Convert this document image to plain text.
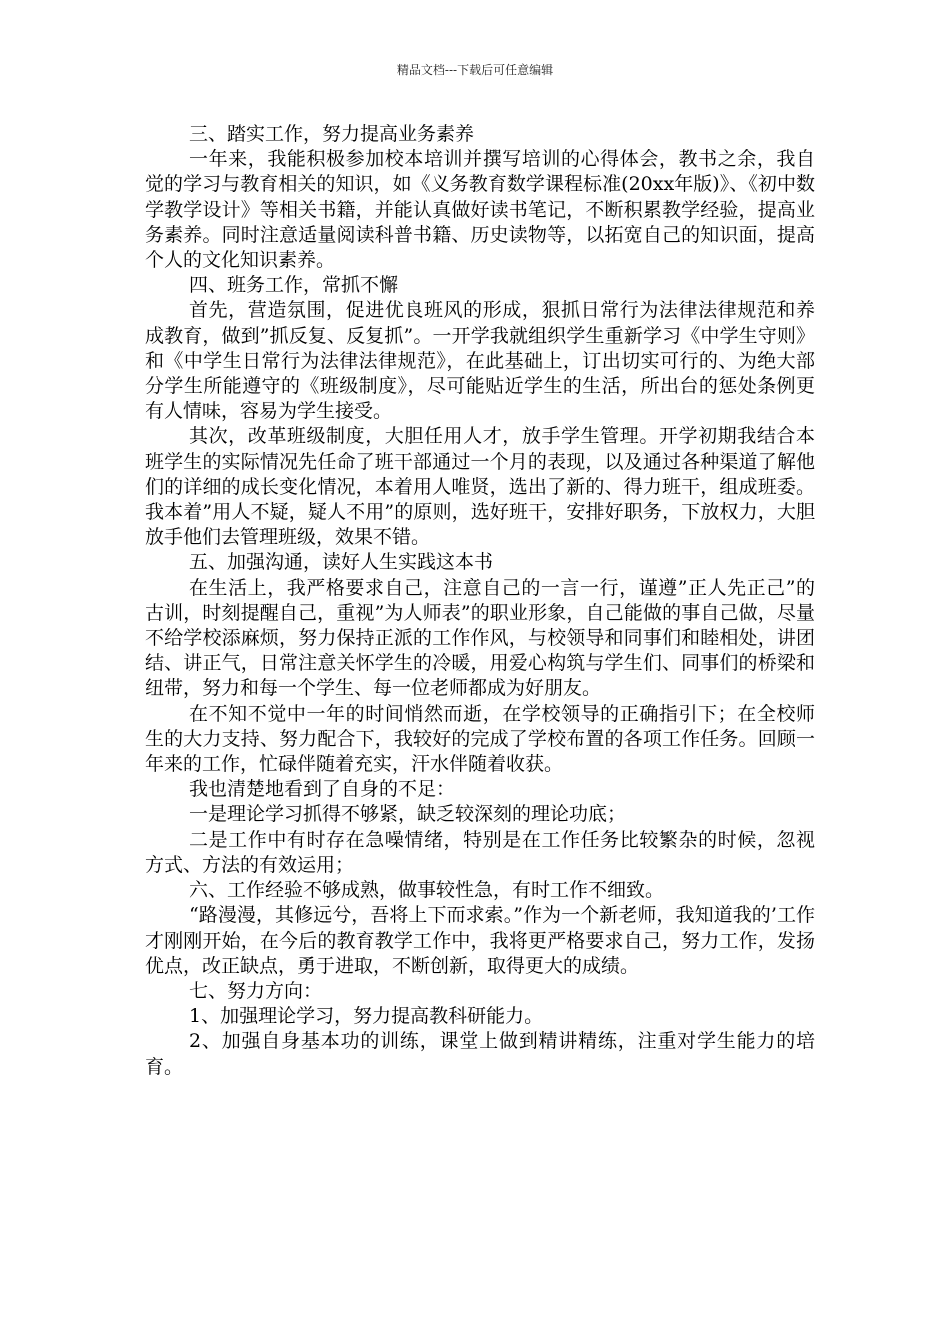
精品文档---下载后可任意编辑

三、踏实工作，努力提高业务素养

一年来，我能积极参加校本培训并撰写培训的心得体会，教书之余，我自觉的学习与教育相关的知识，如《义务教育数学课程标准(20xx年版)》、《初中数学教学设计》等相关书籍，并能认真做好读书笔记，不断积累教学经验，提高业务素养。同时注意适量阅读科普书籍、历史读物等，以拓宽自己的知识面，提高个人的文化知识素养。

四、班务工作，常抓不懈

首先，营造氛围，促进优良班风的形成，狠抓日常行为法律法律规范和养成教育，做到”抓反复、反复抓”。一开学我就组织学生重新学习《中学生守则》和《中学生日常行为法律法律规范》，在此基础上，订出切实可行的、为绝大部分学生所能遵守的《班级制度》，尽可能贴近学生的生活，所出台的惩处条例更有人情味，容易为学生接受。

其次，改革班级制度，大胆任用人才，放手学生管理。开学初期我结合本班学生的实际情况先任命了班干部通过一个月的表现，以及通过各种渠道了解他们的详细的成长变化情况，本着用人唯贤，选出了新的、得力班干，组成班委。我本着”用人不疑，疑人不用”的原则，选好班干，安排好职务，下放权力，大胆放手他们去管理班级，效果不错。

五、加强沟通，读好人生实践这本书

在生活上，我严格要求自己，注意自己的一言一行，谨遵”正人先正己”的古训，时刻提醒自己，重视”为人师表”的职业形象，自己能做的事自己做，尽量不给学校添麻烦，努力保持正派的工作作风，与校领导和同事们和睦相处，讲团结、讲正气，日常注意关怀学生的冷暖，用爱心构筑与学生们、同事们的桥梁和纽带，努力和每一个学生、每一位老师都成为好朋友。

在不知不觉中一年的时间悄然而逝，在学校领导的正确指引下；在全校师生的大力支持、努力配合下，我较好的完成了学校布置的各项工作任务。回顾一年来的工作，忙碌伴随着充实，汗水伴随着收获。

我也清楚地看到了自身的不足：

一是理论学习抓得不够紧，缺乏较深刻的理论功底；

二是工作中有时存在急噪情绪，特别是在工作任务比较繁杂的时候，忽视方式、方法的有效运用；

六、工作经验不够成熟，做事较性急，有时工作不细致。

“路漫漫，其修远兮，吾将上下而求索。”作为一个新老师，我知道我的’工作才刚刚开始，在今后的教育教学工作中，我将更严格要求自己，努力工作，发扬优点，改正缺点，勇于进取，不断创新，取得更大的成绩。

七、努力方向：

1、加强理论学习，努力提高教科研能力。

2、加强自身基本功的训练，课堂上做到精讲精练，注重对学生能力的培育。
